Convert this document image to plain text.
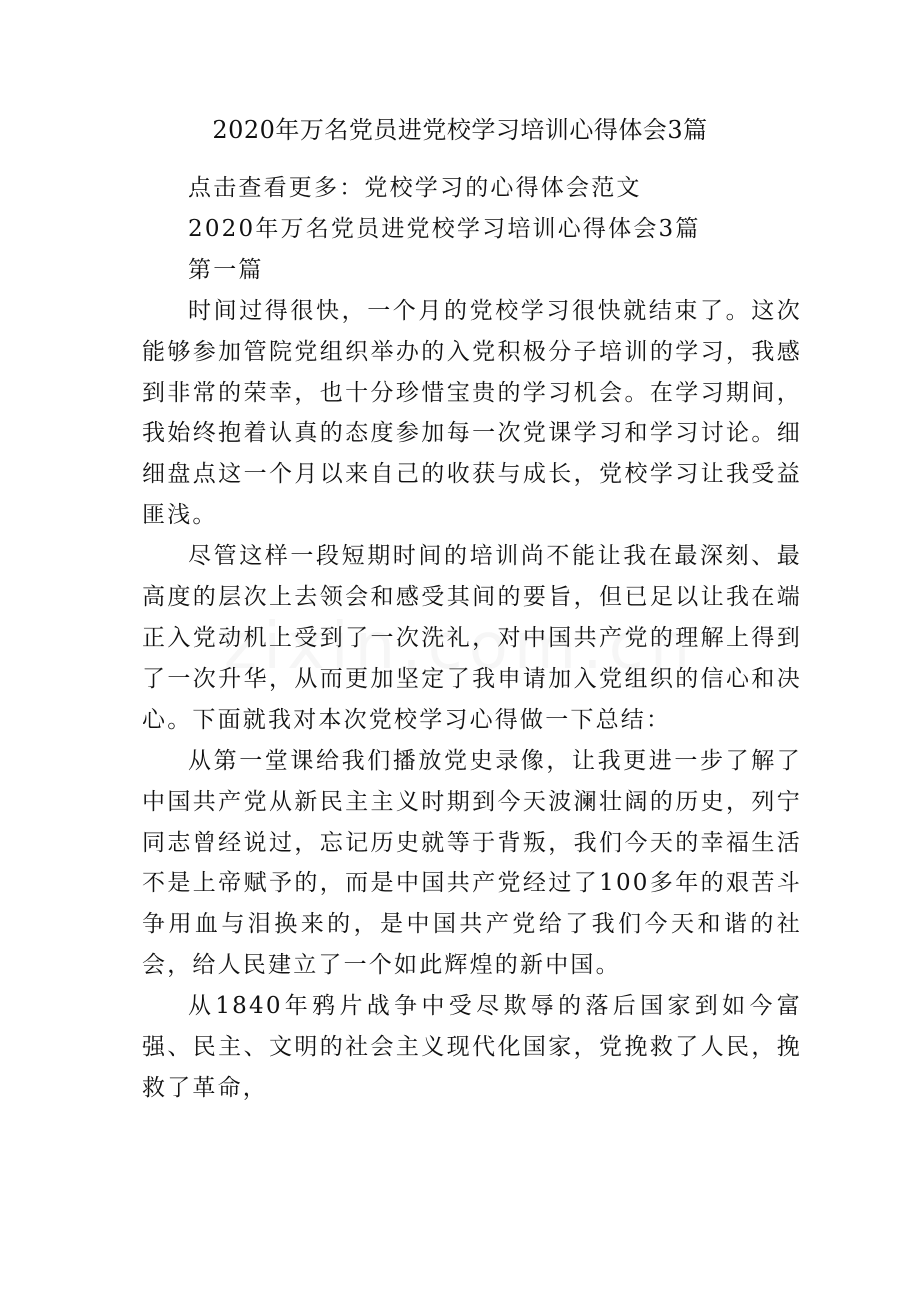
2020年万名党员进党校学习培训心得体会3篇

点击查看更多：党校学习的心得体会范文

2020年万名党员进党校学习培训心得体会3篇

第一篇

时间过得很快，一个月的党校学习很快就结束了。这次能够参加管院党组织举办的入党积极分子培训的学习，我感到非常的荣幸，也十分珍惜宝贵的学习机会。在学习期间，我始终抱着认真的态度参加每一次党课学习和学习讨论。细细盘点这一个月以来自己的收获与成长，党校学习让我受益匪浅。

尽管这样一段短期时间的培训尚不能让我在最深刻、最高度的层次上去领会和感受其间的要旨，但已足以让我在端正入党动机上受到了一次洗礼，对中国共产党的理解上得到了一次升华，从而更加坚定了我申请加入党组织的信心和决心。下面就我对本次党校学习心得做一下总结：

从第一堂课给我们播放党史录像，让我更进一步了解了中国共产党从新民主主义时期到今天波澜壮阔的历史，列宁同志曾经说过，忘记历史就等于背叛，我们今天的幸福生活不是上帝赋予的，而是中国共产党经过了100多年的艰苦斗争用血与泪换来的，是中国共产党给了我们今天和谐的社会，给人民建立了一个如此辉煌的新中国。

从1840年鸦片战争中受尽欺辱的落后国家到如今富强、民主、文明的社会主义现代化国家，党挽救了人民，挽救了革命，
